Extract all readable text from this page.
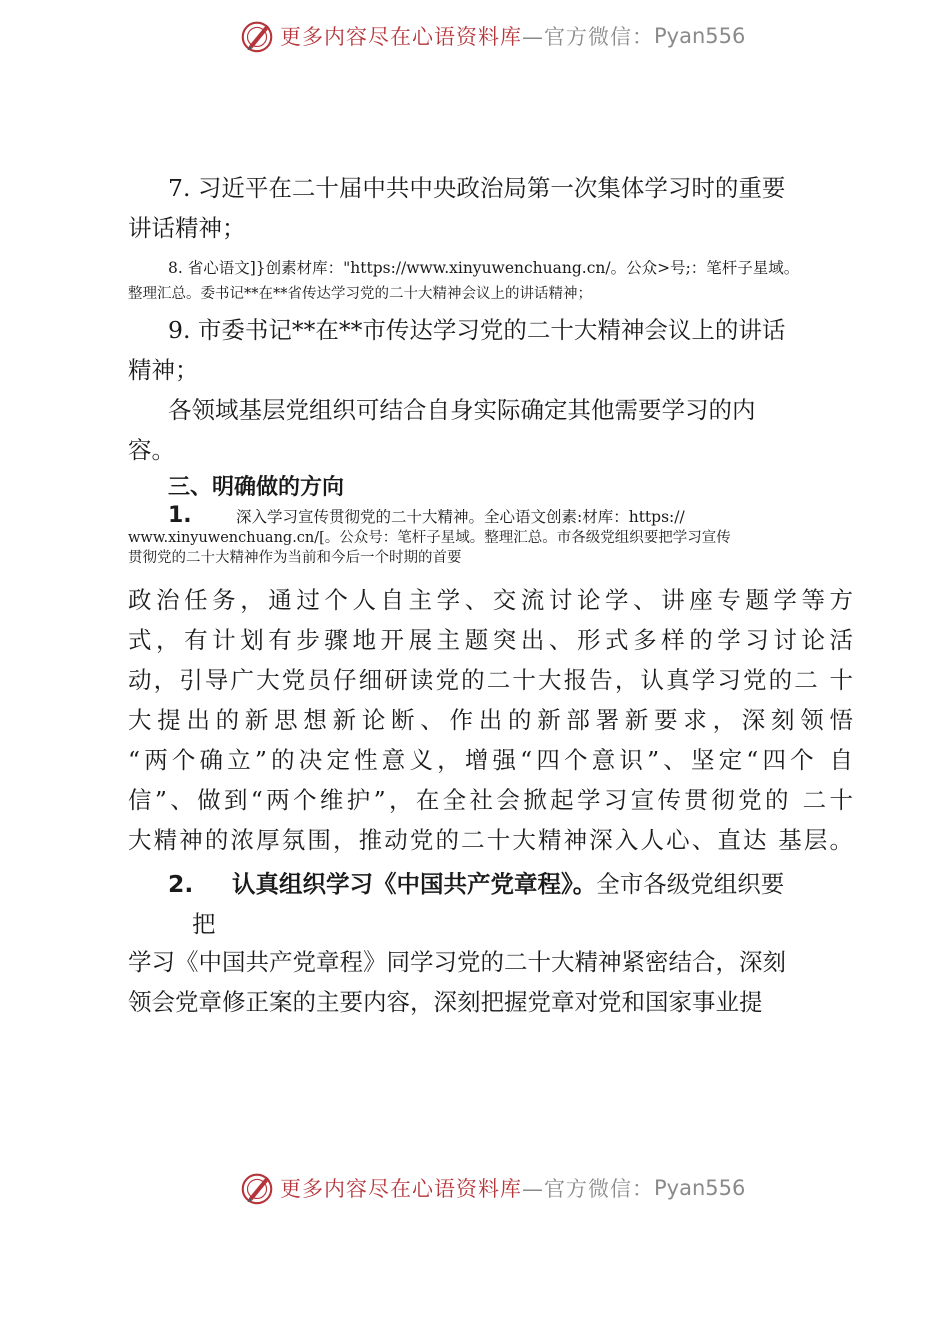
更多内容尽在心语资料库 —官方微信： Pyan556
7. 习近平在二十届中共中央政治局第一次集体学习时的重要
讲话精神；
8. 省心语文]}创素材库："https://www.xinyuwenchuang.cn/。公众>号;：笔杆子星域。
整理汇总。委书记**在**省传达学习党的二十大精神会议上的讲话精神；
9. 市委书记**在**市传达学习党的二十大精神会议上的讲话
精神；
各领域基层党组织可结合自身实际确定其他需要学习的内
容。
三、明确做的方向
1.	深入学习宣传贯彻党的二十大精神。全心语文创素:材库：https://
www.xinyuwenchuang.cn/[。公众号：笔杆子星域。整理汇总。市各级党组织要把学习宣传
贯彻党的二十大精神作为当前和今后一个时期的首要
政治任务，通过个人自主学、交流讨论学、讲座专题学等方
式，有计划有步骤地开展主题突出、形式多样的学习讨论活
动，引导广大党员仔细研读党的二十大报告，认真学习党的二 十
大提出的新思想新论断、作出的新部署新要求，深刻领悟
“两个确立”的决定性意义，增强“四个意识”、坚定“四个 自
信”、做到“两个维护”，在全社会掀起学习宣传贯彻党的 二十
大精神的浓厚氛围，推动党的二十大精神深入人心、直达 基层。
2. 认真组织学习《中国共产党章程》。全市各级党组织要
把
学习《中国共产党章程》同学习党的二十大精神紧密结合，深刻
领会党章修正案的主要内容，深刻把握党章对党和国家事业提
更多内容尽在心语资料库 —官方微信： Pyan556
